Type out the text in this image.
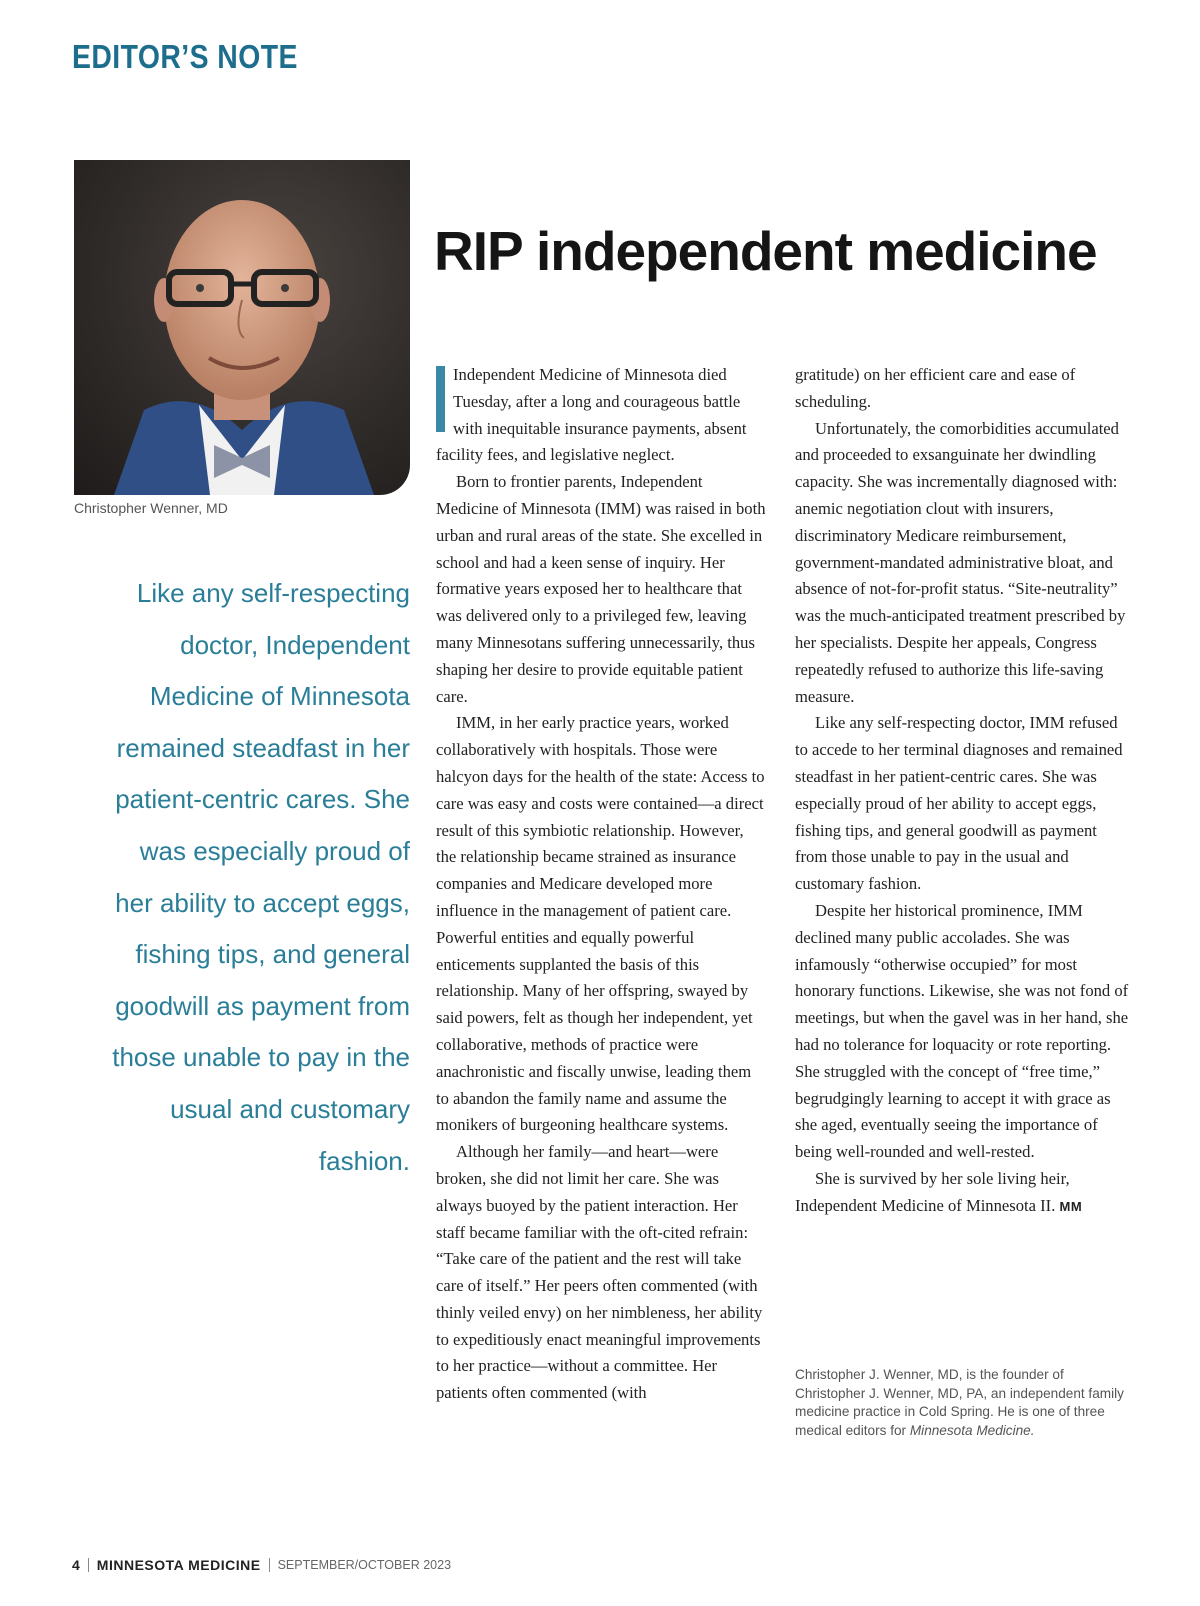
EDITOR’S NOTE
Christopher Wenner, MD
Like any self-respecting doctor, Independent Medicine of Minnesota remained steadfast in her patient-centric cares. She was especially proud of her ability to accept eggs, fishing tips, and general goodwill as payment from those unable to pay in the usual and customary fashion.
RIP independent medicine

Independent Medicine of Minnesota died Tuesday, after a long and courageous battle with inequitable insurance payments, absent facility fees, and legislative neglect.

Born to frontier parents, Independent Medicine of Minnesota (IMM) was raised in both urban and rural areas of the state. She excelled in school and had a keen sense of inquiry. Her formative years exposed her to healthcare that was delivered only to a privileged few, leaving many Minnesotans suffering unnecessarily, thus shaping her desire to provide equitable patient care.

IMM, in her early practice years, worked collaboratively with hospitals. Those were halcyon days for the health of the state: Access to care was easy and costs were contained—a direct result of this symbiotic relationship. However, the relationship became strained as insurance companies and Medicare developed more influence in the management of patient care. Powerful entities and equally powerful enticements supplanted the basis of this relationship. Many of her offspring, swayed by said powers, felt as though her independent, yet collaborative, methods of practice were anachronistic and fiscally unwise, leading them to abandon the family name and assume the monikers of burgeoning healthcare systems.

Although her family—and heart—were broken, she did not limit her care. She was always buoyed by the patient interaction. Her staff became familiar with the oft-cited refrain: “Take care of the patient and the rest will take care of itself.” Her peers often commented (with thinly veiled envy) on her nimbleness, her ability to expeditiously enact meaningful improvements to her practice—without a committee. Her patients often commented (with

gratitude) on her efficient care and ease of scheduling.

Unfortunately, the comorbidities accumulated and proceeded to exsanguinate her dwindling capacity. She was incrementally diagnosed with: anemic negotiation clout with insurers, discriminatory Medicare reimbursement, government-mandated administrative bloat, and absence of not-for-profit status. “Site-neutrality” was the much-anticipated treatment prescribed by her specialists. Despite her appeals, Congress repeatedly refused to authorize this life-saving measure.

Like any self-respecting doctor, IMM refused to accede to her terminal diagnoses and remained steadfast in her patient-centric cares. She was especially proud of her ability to accept eggs, fishing tips, and general goodwill as payment from those unable to pay in the usual and customary fashion.

Despite her historical prominence, IMM declined many public accolades. She was infamously “otherwise occupied” for most honorary functions. Likewise, she was not fond of meetings, but when the gavel was in her hand, she had no tolerance for loquacity or rote reporting. She struggled with the concept of “free time,” begrudgingly learning to accept it with grace as she aged, eventually seeing the importance of being well-rounded and well-rested.

She is survived by her sole living heir, Independent Medicine of Minnesota II. MM

Christopher J. Wenner, MD, is the founder of Christopher J. Wenner, MD, PA, an independent family medicine practice in Cold Spring. He is one of three medical editors for Minnesota Medicine.
4 MINNESOTA MEDICINE SEPTEMBER/OCTOBER 2023
